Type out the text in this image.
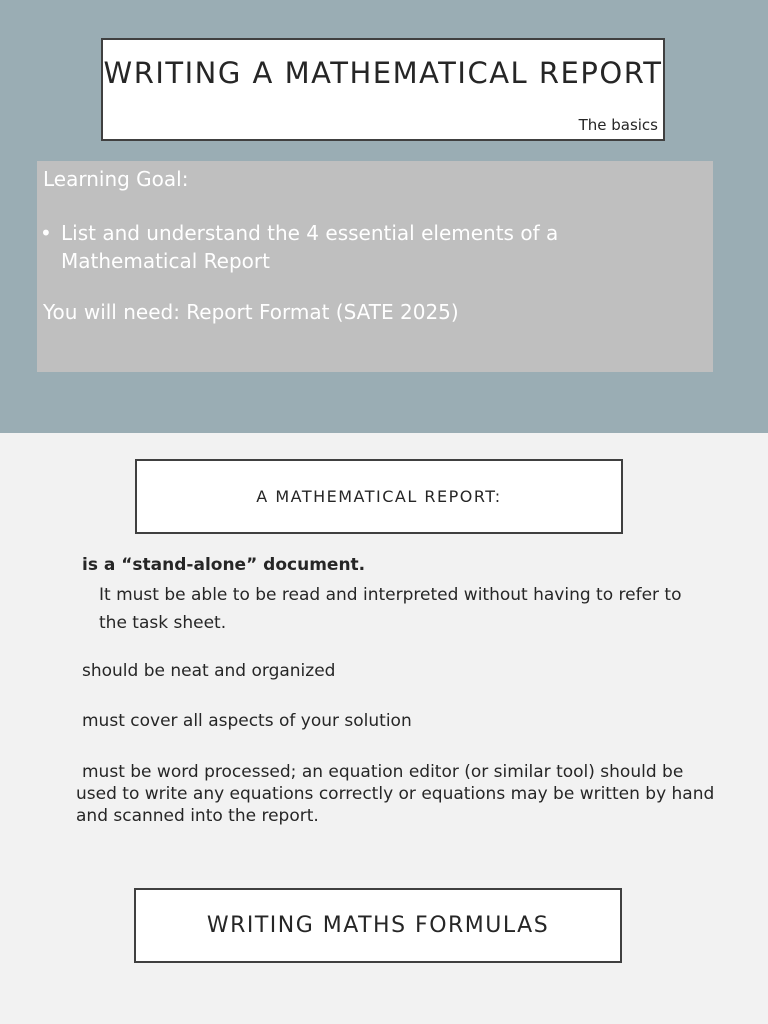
WRITING A MATHEMATICAL REPORT
The basics
Learning Goal:
• List and understand the 4 essential elements of a Mathematical Report
You will need: Report Format (SATE 2025)
A MATHEMATICAL REPORT:
is a “stand-alone” document.
It must be able to be read and interpreted without having to refer to the task sheet.
should be neat and organized
must cover all aspects of your solution
must be word processed; an equation editor (or similar tool) should be used to write any equations correctly or equations may be written by hand and scanned into the report.
WRITING MATHS FORMULAS
